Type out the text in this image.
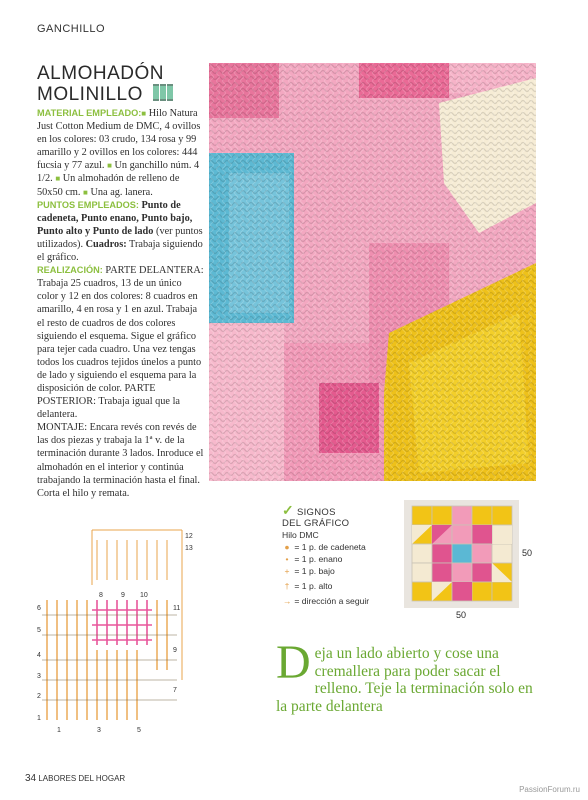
GANCHILLO
ALMOHADÓN
MOLINILLO

MATERIAL EMPLEADO:■ Hilo Natura Just Cotton Medium de DMC, 4 ovillos en los colores: 03 crudo, 134 rosa y 99 amarillo y 2 ovillos en los colores: 444 fucsia y 77 azul. ■ Un ganchillo núm. 4 1/2. ■ Un almohadón de relleno de 50x50 cm. ■ Una ag. lanera.

PUNTOS EMPLEADOS: Punto de cadeneta, Punto enano, Punto bajo, Punto alto y Punto de lado (ver puntos utilizados). Cuadros: Trabaja siguiendo el gráfico.

REALIZACIÓN: PARTE DELANTERA: Trabaja 25 cuadros, 13 de un único color y 12 en dos colores: 8 cuadros en amarillo, 4 en rosa y 1 en azul. Trabaja el resto de cuadros de dos colores siguiendo el esquema. Sigue el gráfico para tejer cada cuadro. Una vez tengas todos los cuadros tejidos únelos a punto de lado y siguiendo el esquema para la disposición de color. PARTE POSTERIOR: Trabaja igual que la delantera.

MONTAJE: Encara revés con revés de las dos piezas y trabaja la 1ª v. de la terminación durante 3 lados. Inroduce el almohadón en el interior y continúa trabajando la terminación hasta el final. Corta el hilo y remata.

6
5
4
3
2
1
8	9 10
11
9
7
1	3	5
12
13
✓ SIGNOS
DEL GRÁFICO
Hilo DMC
● = 1 p. de cadeneta
• = 1 p. enano
+ = 1 p. bajo
† = 1 p. alto
→ = dirección a seguir
50
50
Deja un lado abierto y cose una cremallera para poder sacar el relleno. Teje la terminación solo en la parte delantera
34 LABORES DEL HOGAR
PassionForum.ru
